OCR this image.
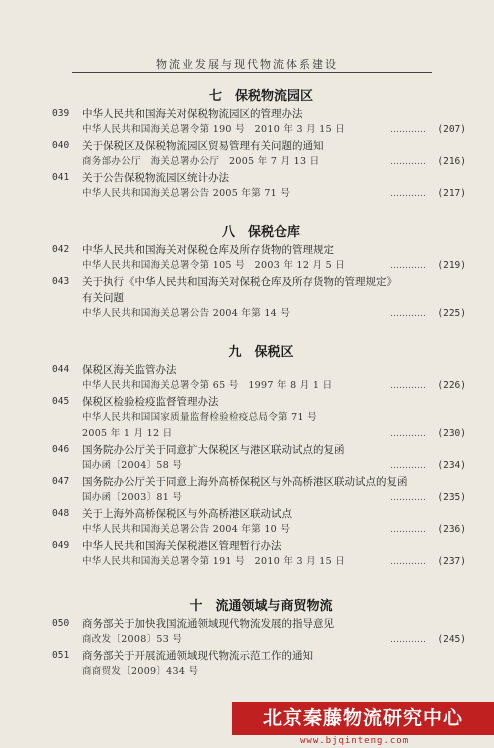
物流业发展与现代物流体系建设
七　保税物流园区
039 中华人民共和国海关对保税物流园区的管理办法
中华人民共和国海关总署令第 190 号　2010 年 3 月 15 日	………… (207)
040 关于保税区及保税物流园区贸易管理有关问题的通知
商务部办公厅　海关总署办公厅　2005 年 7 月 13 日	………… (216)
041 关于公告保税物流园区统计办法
中华人民共和国海关总署公告 2005 年第 71 号	………… (217)
八　保税仓库
042 中华人民共和国海关对保税仓库及所存货物的管理规定
中华人民共和国海关总署令第 105 号　2003 年 12 月 5 日	………… (219)
043 关于执行《中华人民共和国海关对保税仓库及所存货物的管理规定》
有关问题
中华人民共和国海关总署公告 2004 年第 14 号	………… (225)
九　保税区
044 保税区海关监管办法
中华人民共和国海关总署令第 65 号　1997 年 8 月 1 日	………… (226)
045 保税区检验检疫监督管理办法
中华人民共和国国家质量监督检验检疫总局令第 71 号
2005 年 1 月 12 日	………… (230)
046 国务院办公厅关于同意扩大保税区与港区联动试点的复函
国办函〔2004〕58 号	………… (234)
047 国务院办公厅关于同意上海外高桥保税区与外高桥港区联动试点的复函
国办函〔2003〕81 号	………… (235)
048 关于上海外高桥保税区与外高桥港区联动试点
中华人民共和国海关总署公告 2004 年第 10 号	………… (236)
049 中华人民共和国海关保税港区管理暂行办法
中华人民共和国海关总署令第 191 号　2010 年 3 月 15 日	………… (237)
十　流通领域与商贸物流
050 商务部关于加快我国流通领域现代物流发展的指导意见
商改发〔2008〕53 号	………… (245)
051 商务部关于开展流通领域现代物流示范工作的通知
商商贸发〔2009〕434 号
北京秦藤物流研究中心
www.bjqinteng.com
